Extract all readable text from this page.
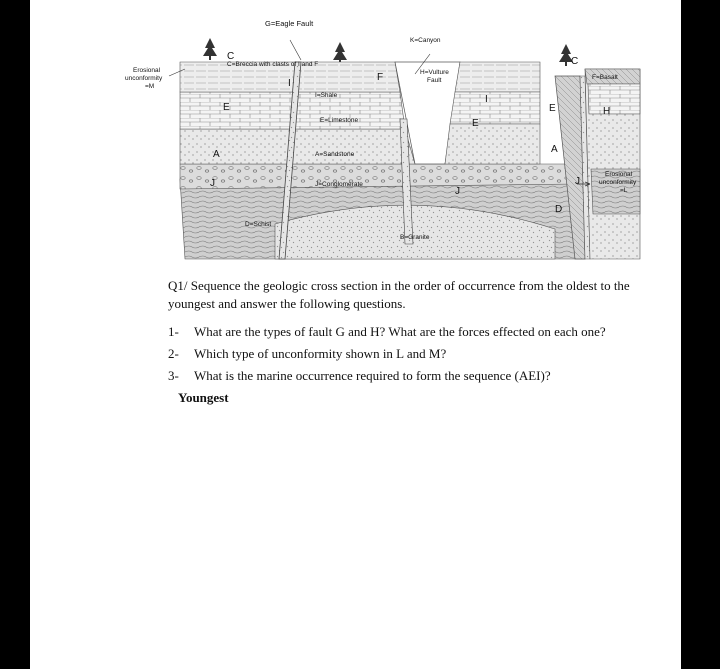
G=Eagle Fault
K=Canyon
C=Breccia with clasts of I and F
H=Vulture
Fault
Erosional
unconformity
=M
I=Shale
E=Limestone
A=Sandstone
J=Conglomerate
D=Schist
B=Granite
F=Basalt
Erosional
unconformity
=L
C	C
I
I
E
E
E
A	A
J
J
J
D
F
H

Q1/ Sequence the geologic cross section in the order of occurrence from the oldest to the youngest and answer the following questions.

1- What are the types of fault G and H? What are the forces effected on each one?
2- Which type of unconformity shown in L and M?
3- What is the marine occurrence required to form the sequence (AEI)?
Youngest
